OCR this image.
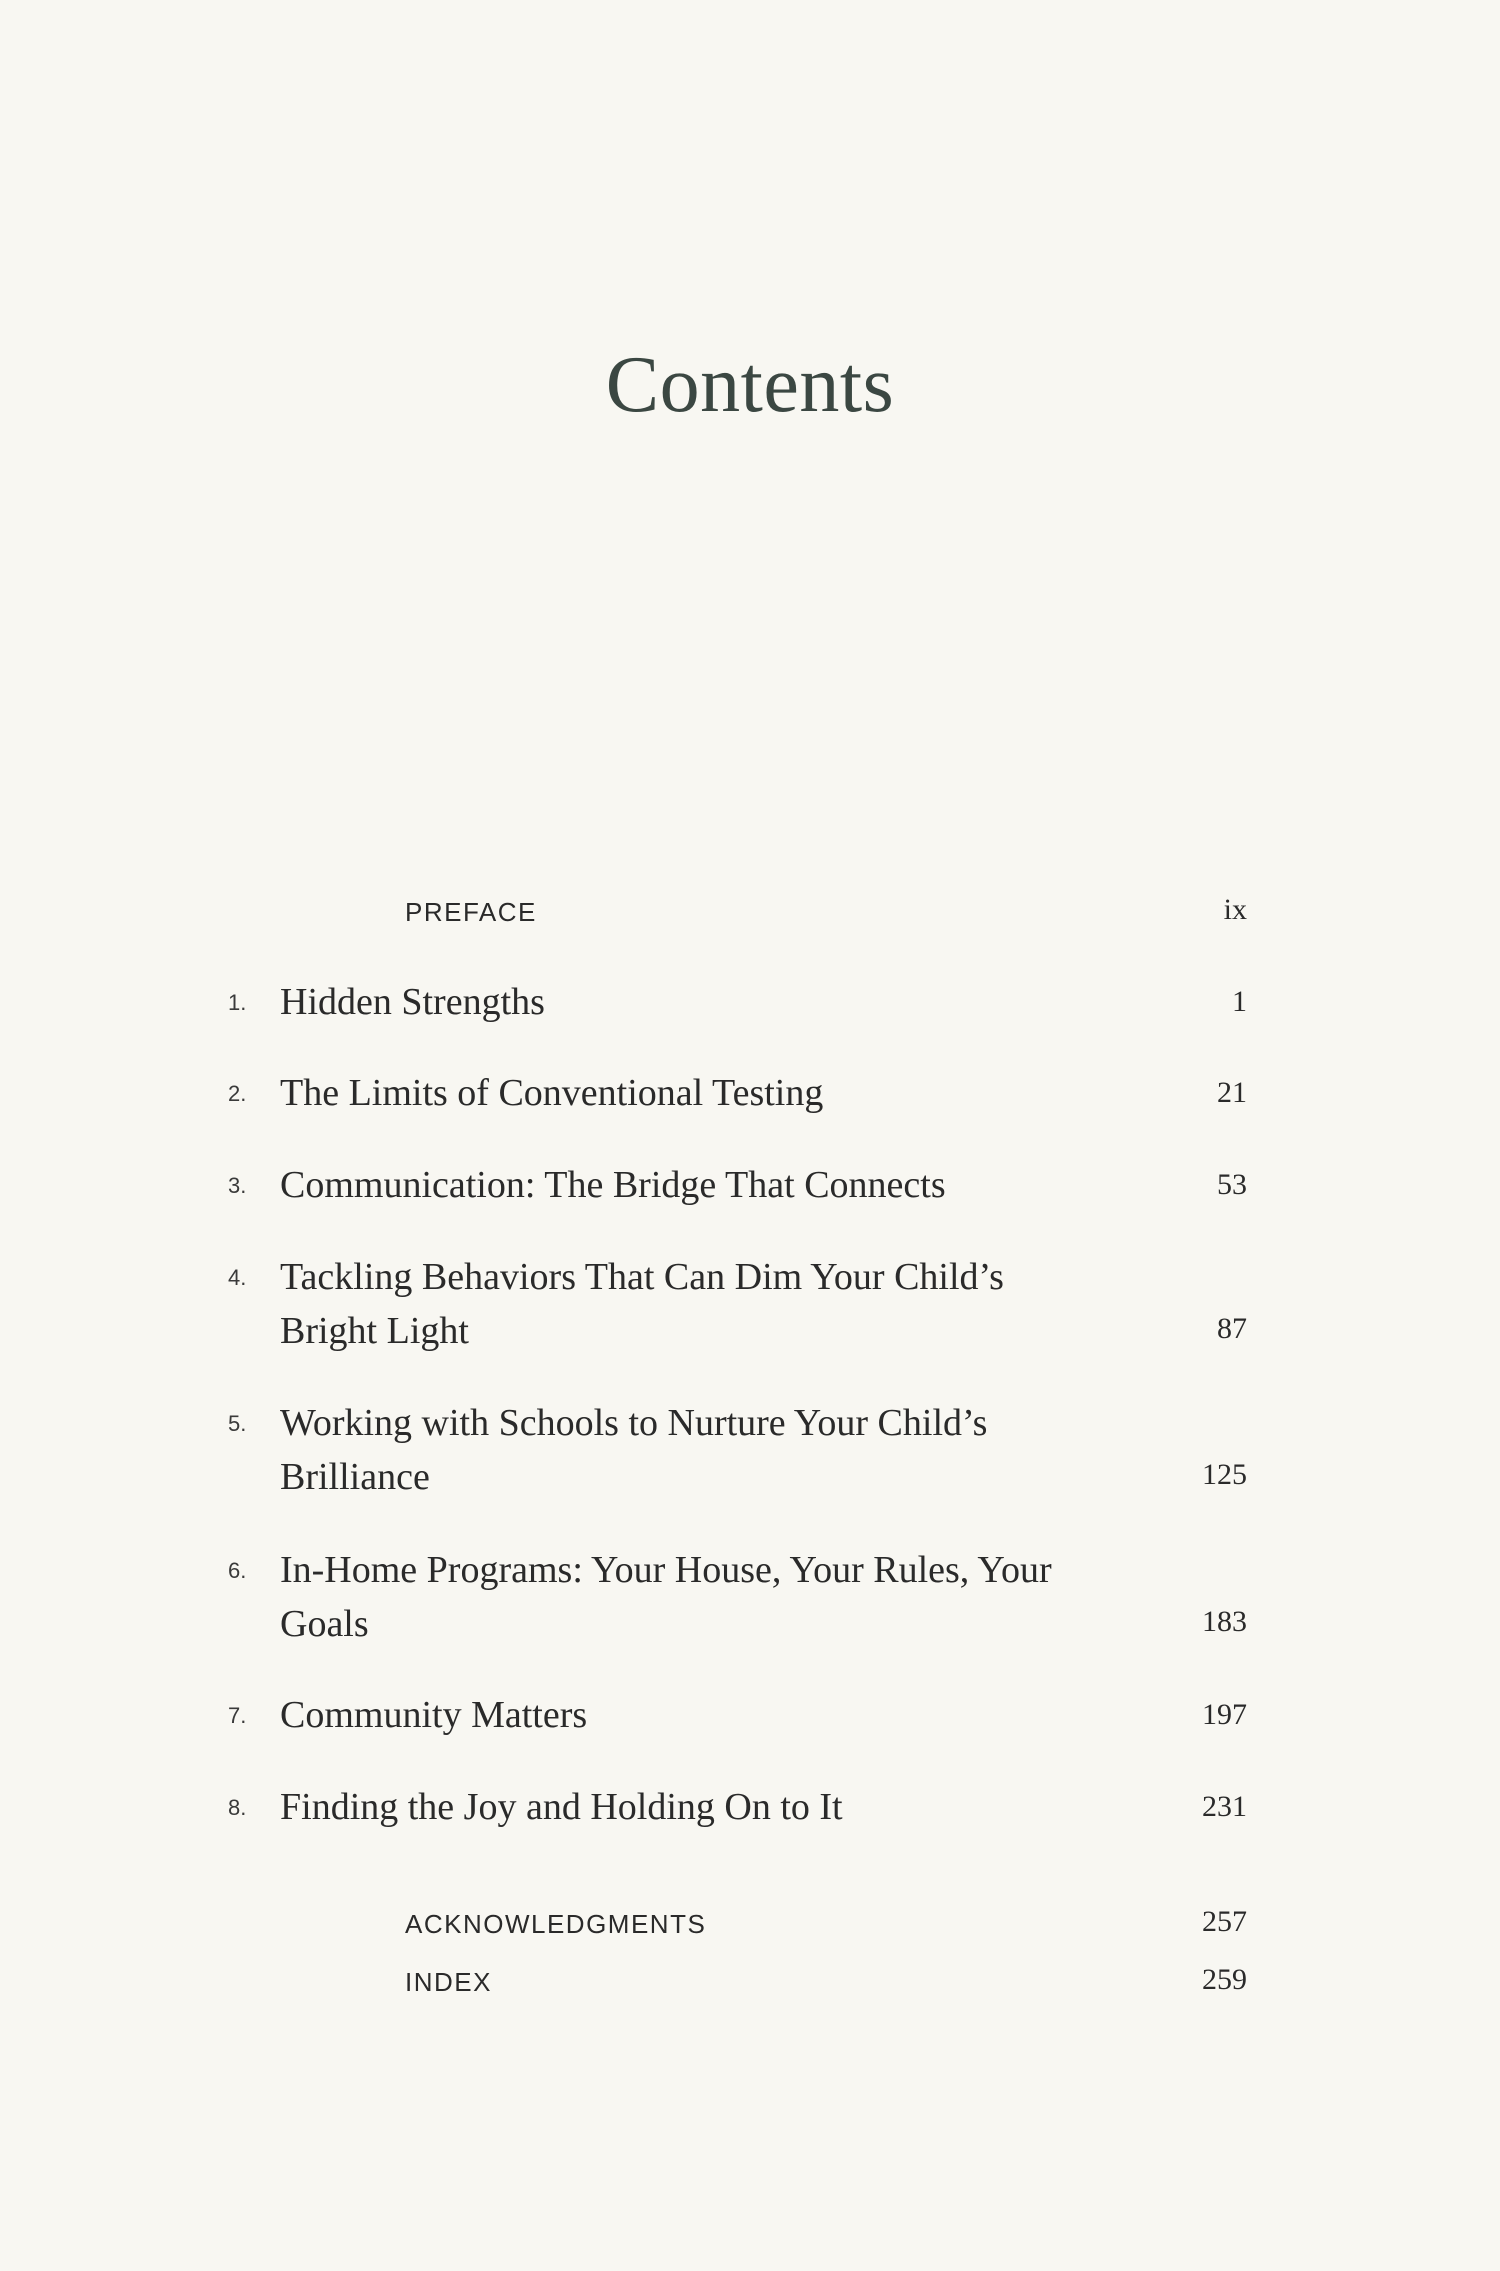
Contents
PREFACE	ix
1. Hidden Strengths	1
2. The Limits of Conventional Testing	21
3. Communication: The Bridge That Connects	53
4. Tackling Behaviors That Can Dim Your Child’s Bright Light	87
5. Working with Schools to Nurture Your Child’s Brilliance	125
6. In-Home Programs: Your House, Your Rules, Your Goals	183
7. Community Matters	197
8. Finding the Joy and Holding On to It	231
ACKNOWLEDGMENTS	257
INDEX	259
